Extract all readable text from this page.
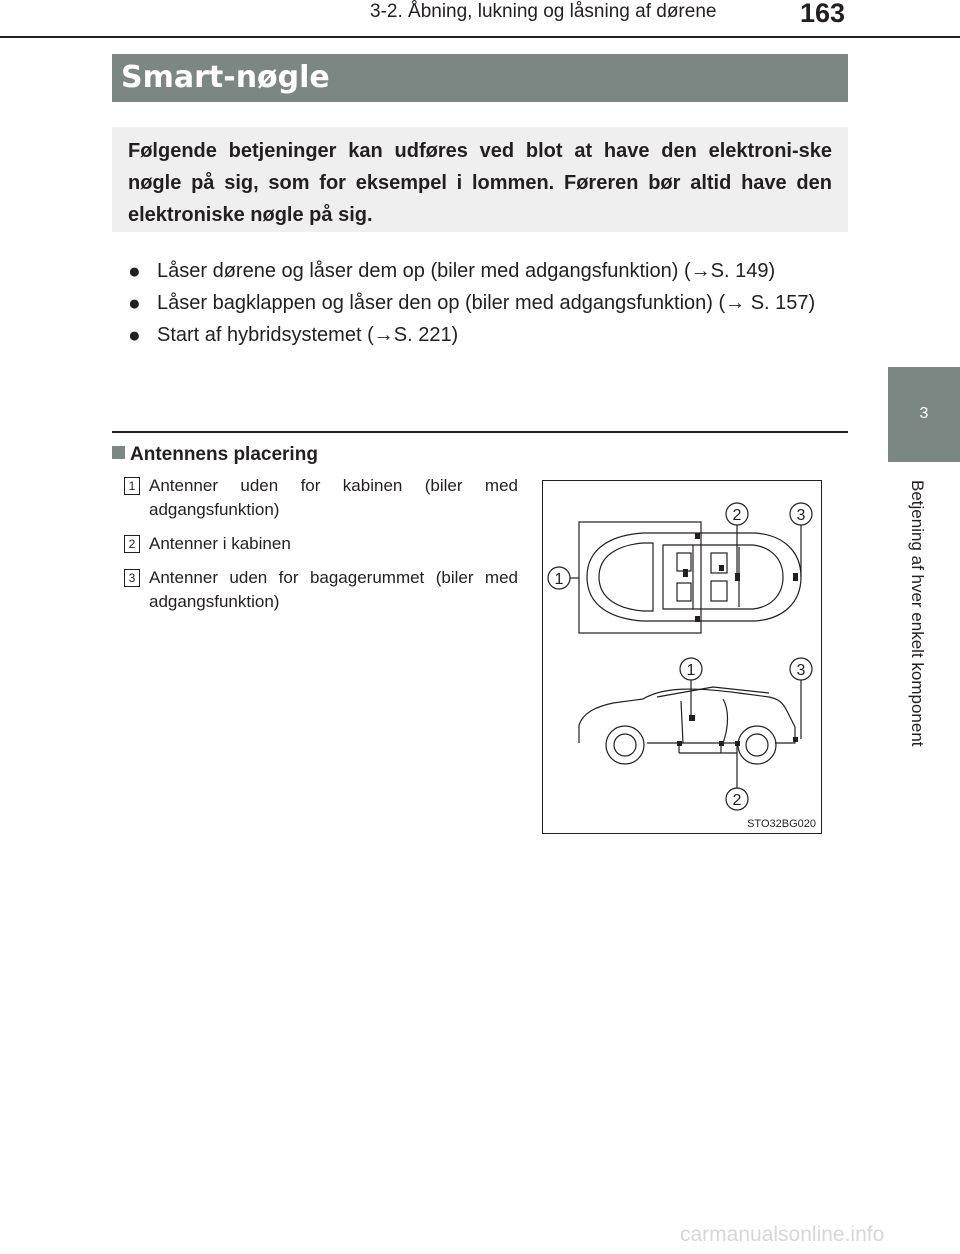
3-2. Åbning, lukning og låsning af dørene	163
3
Betjening af hver enkelt komponent
Smart-nøgle
Følgende betjeninger kan udføres ved blot at have den elektroni-ske nøgle på sig, som for eksempel i lommen. Føreren bør altid have den elektroniske nøgle på sig.
● Låser dørene og låser dem op (biler med adgangsfunktion) (→S. 149)
● Låser bagklappen og låser den op (biler med adgangsfunktion) (→ S. 157)
● Start af hybridsystemet (→S. 221)
Antennens placering
1 Antenner uden for kabinen (biler med adgangsfunktion)
2 Antenner i kabinen
3 Antenner uden for bagagerummet (biler med adgangsfunktion)
2	3
1
1	3
2
STO32BG020
carmanualsonline.info
